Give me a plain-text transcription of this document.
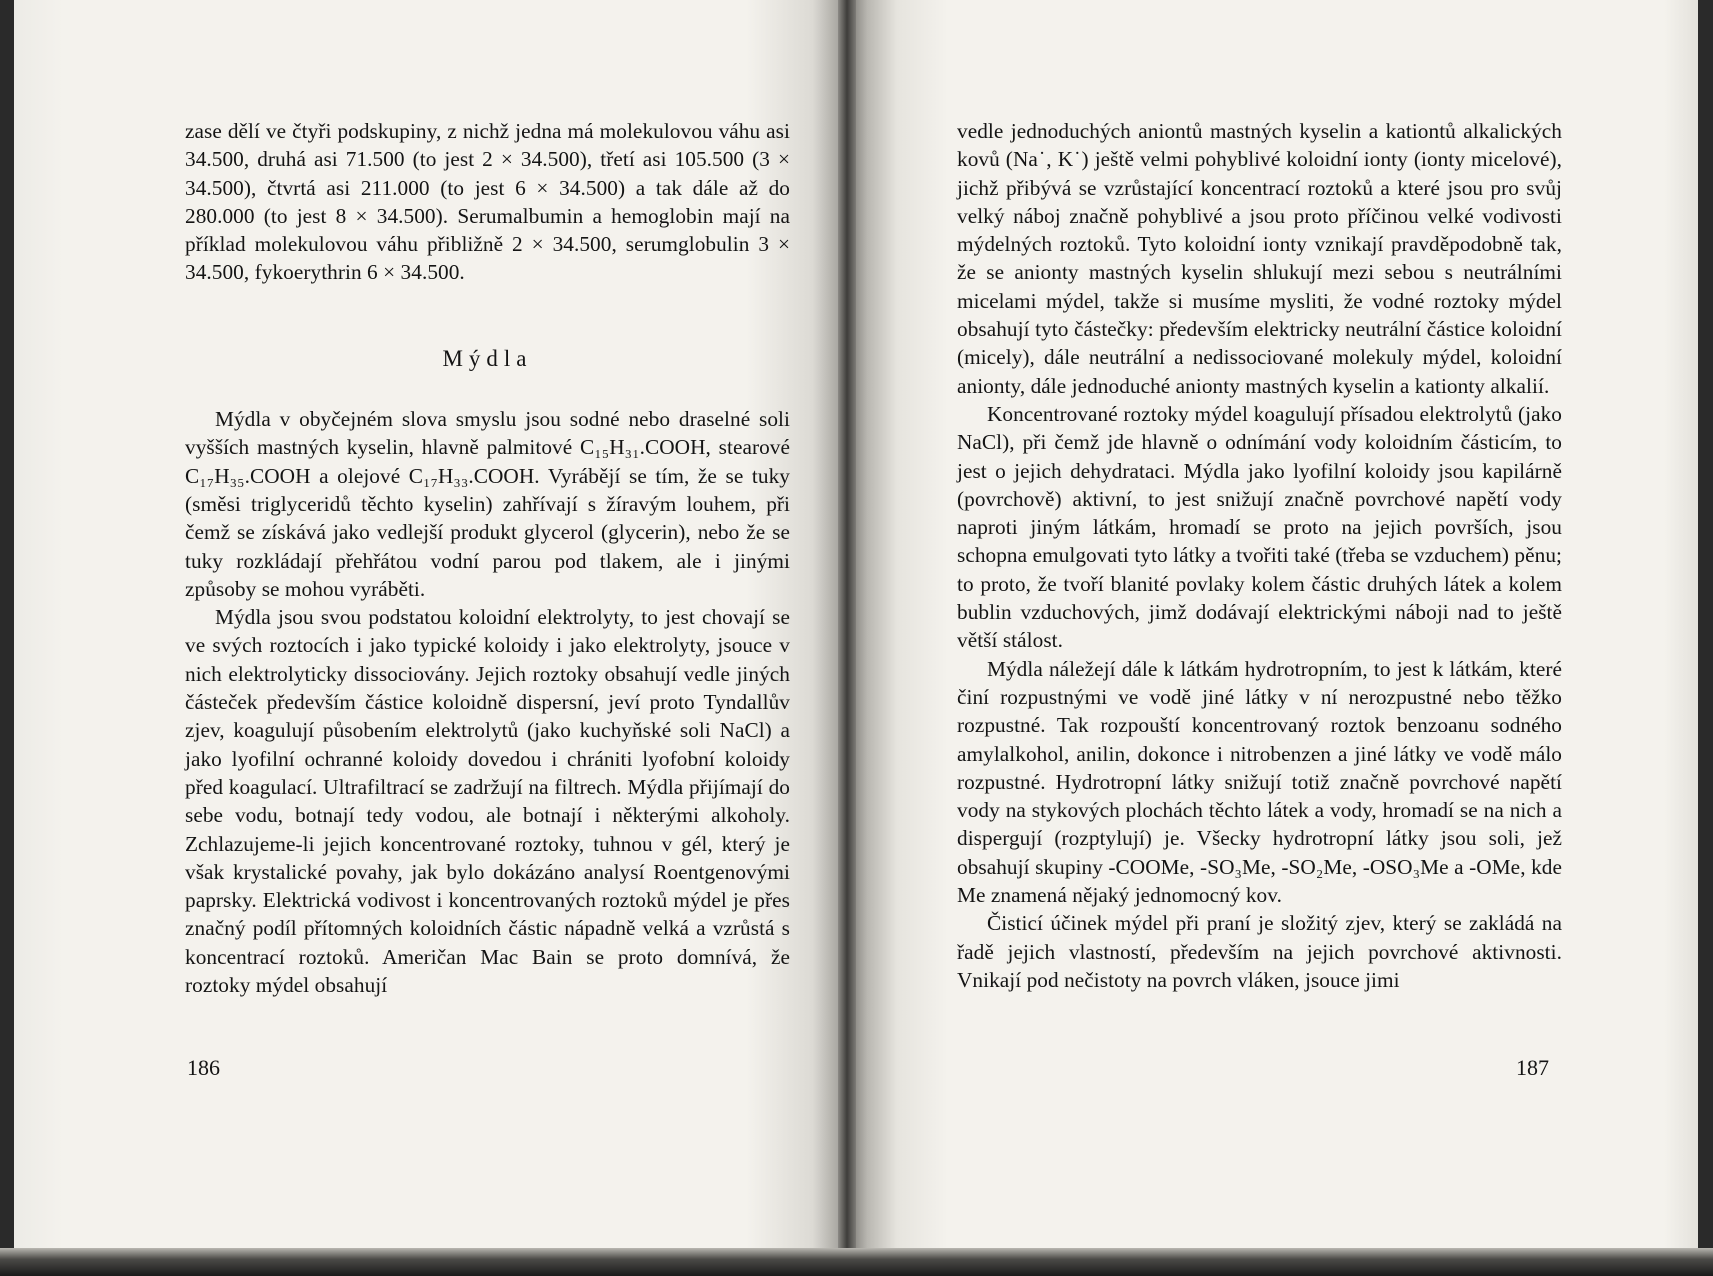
zase dělí ve čtyři podskupiny, z nichž jedna má molekulovou váhu asi 34.500, druhá asi 71.500 (to jest 2 × 34.500), třetí asi 105.500 (3 × 34.500), čtvrtá asi 211.000 (to jest 6 × 34.500) a tak dále až do 280.000 (to jest 8 × 34.500). Serumalbumin a hemoglobin mají na příklad molekulovou váhu přibližně 2 × 34.500, serumglobulin 3 × 34.500, fykoerythrin 6 × 34.500.

Mýdla

Mýdla v obyčejném slova smyslu jsou sodné nebo draselné soli vyšších mastných kyselin, hlavně palmitové C₁₅H₃₁.COOH, stearové C₁₇H₃₅.COOH a olejové C₁₇H₃₃.COOH. Vyrábějí se tím, že se tuky (směsi triglyceridů těchto kyselin) zahřívají s žíravým louhem, při čemž se získává jako vedlejší produkt glycerol (glycerin), nebo že se tuky rozkládají přehřátou vodní parou pod tlakem, ale i jinými způsoby se mohou vyráběti.

Mýdla jsou svou podstatou koloidní elektrolyty, to jest chovají se ve svých roztocích i jako typické koloidy i jako elektrolyty, jsouce v nich elektrolyticky dissociovány. Jejich roztoky obsahují vedle jiných částeček především částice koloidně dispersní, jeví proto Tyndallův zjev, koagulují působením elektrolytů (jako kuchyňské soli NaCl) a jako lyofilní ochranné koloidy dovedou i chrániti lyofobní koloidy před koagulací. Ultrafiltrací se zadržují na filtrech. Mýdla přijímají do sebe vodu, botnají tedy vodou, ale botnají i některými alkoholy. Zchlazujeme-li jejich koncentrované roztoky, tuhnou v gél, který je však krystalické povahy, jak bylo dokázáno analysí Roentgenovými paprsky. Elektrická vodivost i koncentrovaných roztoků mýdel je přes značný podíl přítomných koloidních částic nápadně velká a vzrůstá s koncentrací roztoků. Američan Mac Bain se proto domnívá, že roztoky mýdel obsahují

186

vedle jednoduchých aniontů mastných kyselin a kationtů alkalických kovů (Na˙, K˙) ještě velmi pohyblivé koloidní ionty (ionty micelové), jichž přibývá se vzrůstající koncentrací roztoků a které jsou pro svůj velký náboj značně pohyblivé a jsou proto příčinou velké vodivosti mýdelných roztoků. Tyto koloidní ionty vznikají pravděpodobně tak, že se anionty mastných kyselin shlukují mezi sebou s neutrálními micelami mýdel, takže si musíme mysliti, že vodné roztoky mýdel obsahují tyto částečky: především elektricky neutrální částice koloidní (micely), dále neutrální a nedissociované molekuly mýdel, koloidní anionty, dále jednoduché anionty mastných kyselin a kationty alkalií.

Koncentrované roztoky mýdel koagulují přísadou elektrolytů (jako NaCl), při čemž jde hlavně o odnímání vody koloidním částicím, to jest o jejich dehydrataci. Mýdla jako lyofilní koloidy jsou kapilárně (povrchově) aktivní, to jest snižují značně povrchové napětí vody naproti jiným látkám, hromadí se proto na jejich površích, jsou schopna emulgovati tyto látky a tvořiti také (třeba se vzduchem) pěnu; to proto, že tvoří blanité povlaky kolem částic druhých látek a kolem bublin vzduchových, jimž dodávají elektrickými náboji nad to ještě větší stálost.

Mýdla náležejí dále k látkám hydrotropním, to jest k látkám, které činí rozpustnými ve vodě jiné látky v ní nerozpustné nebo těžko rozpustné. Tak rozpouští koncentrovaný roztok benzoanu sodného amylalkohol, anilin, dokonce i nitrobenzen a jiné látky ve vodě málo rozpustné. Hydrotropní látky snižují totiž značně povrchové napětí vody na stykových plochách těchto látek a vody, hromadí se na nich a dispergují (rozptylují) je. Všecky hydrotropní látky jsou soli, jež obsahují skupiny -COOMe, -SO₃Me, -SO₂Me, -OSO₃Me a -OMe, kde Me znamená nějaký jednomocný kov.

Čisticí účinek mýdel při praní je složitý zjev, který se zakládá na řadě jejich vlastností, především na jejich povrchové aktivnosti. Vnikají pod nečistoty na povrch vláken, jsouce jimi

187
